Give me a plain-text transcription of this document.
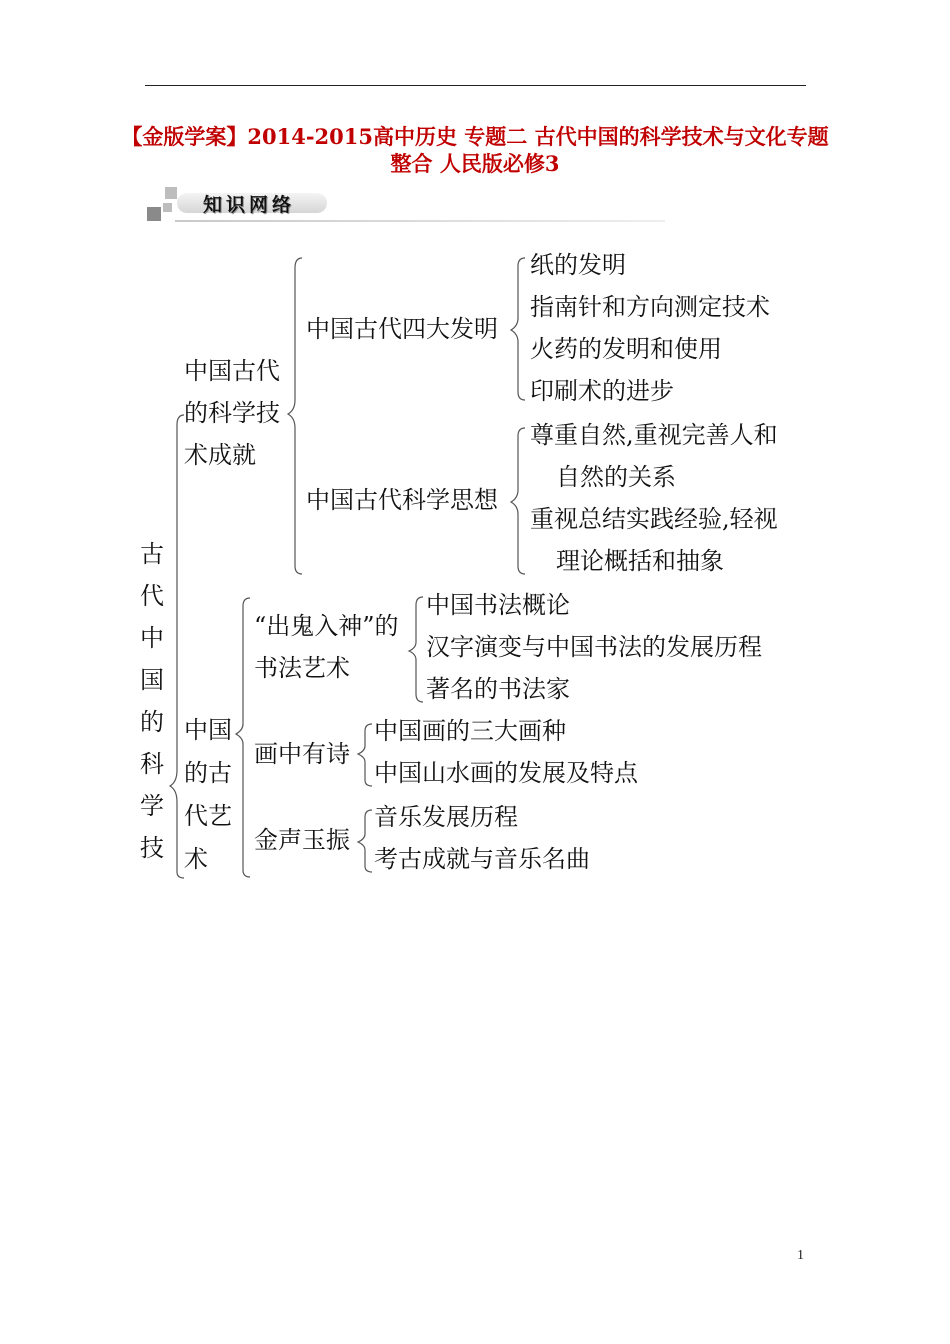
【金版学案】2014-2015高中历史 专题二 古代中国的科学技术与文化专题整合 人民版必修3
知识网络
古代中国的科学技
中国古代
的科学技
术成就
中国古代四大发明
纸的发明
指南针和方向测定技术
火药的发明和使用
印刷术的进步
中国古代科学思想
尊重自然,重视完善人和
自然的关系
重视总结实践经验,轻视
理论概括和抽象
中国
的古
代艺
术
“出鬼入神”的
书法艺术
中国书法概论
汉字演变与中国书法的发展历程
著名的书法家
画中有诗
中国画的三大画种
中国山水画的发展及特点
金声玉振
音乐发展历程
考古成就与音乐名曲
1
